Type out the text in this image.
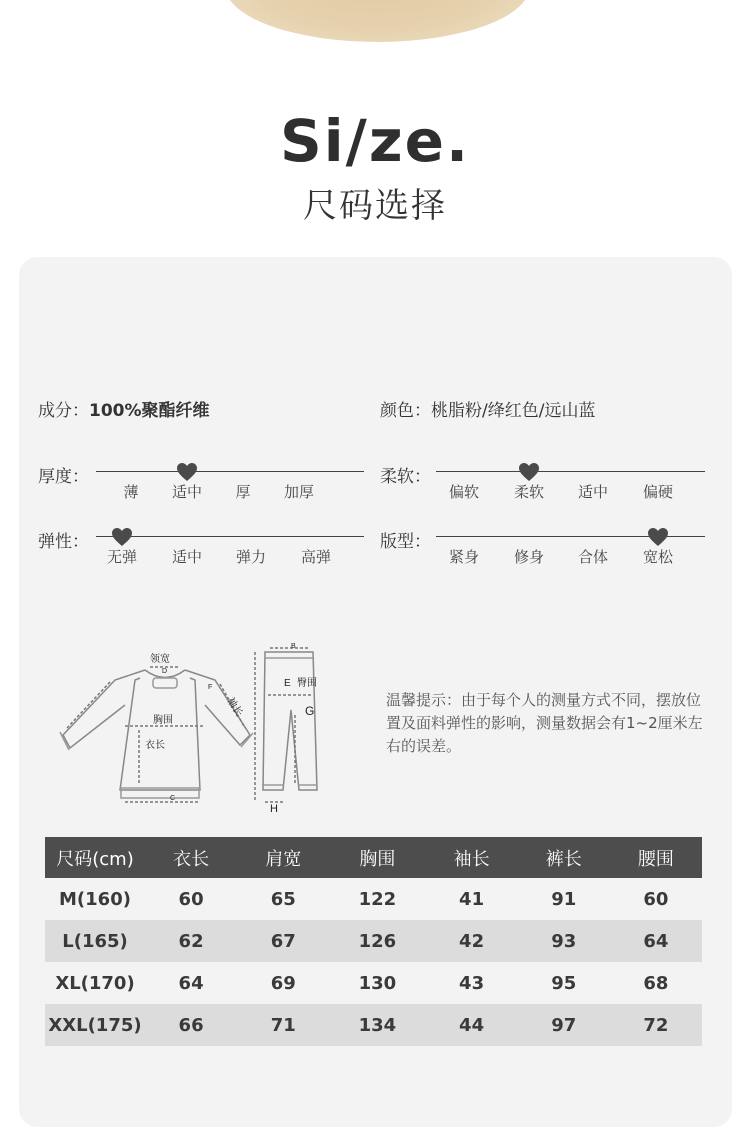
Si/ze.
尺码选择
成分：100%聚酯纤维	颜色：桃脂粉/绛红色/远山蓝
厚度：
薄	适中	厚	加厚
柔软：
偏软	柔软	适中	偏硬
弹性：
无弹	适中	弹力	高弹
版型：
紧身	修身	合体	宽松
领宽
胸围
衣长
袖长
臀围
E
G
H
B
C
D
F
温馨提示：由于每个人的测量方式不同，摆放位置及面料弹性的影响，测量数据会有1~2厘米左右的误差。
尺码(cm)	衣长	肩宽	胸围	袖长	裤长	腰围
M(160)	60	65	122	41	91	60
L(165)	62	67	126	42	93	64
XL(170)	64	69	130	43	95	68
XXL(175)	66	71	134	44	97	72
